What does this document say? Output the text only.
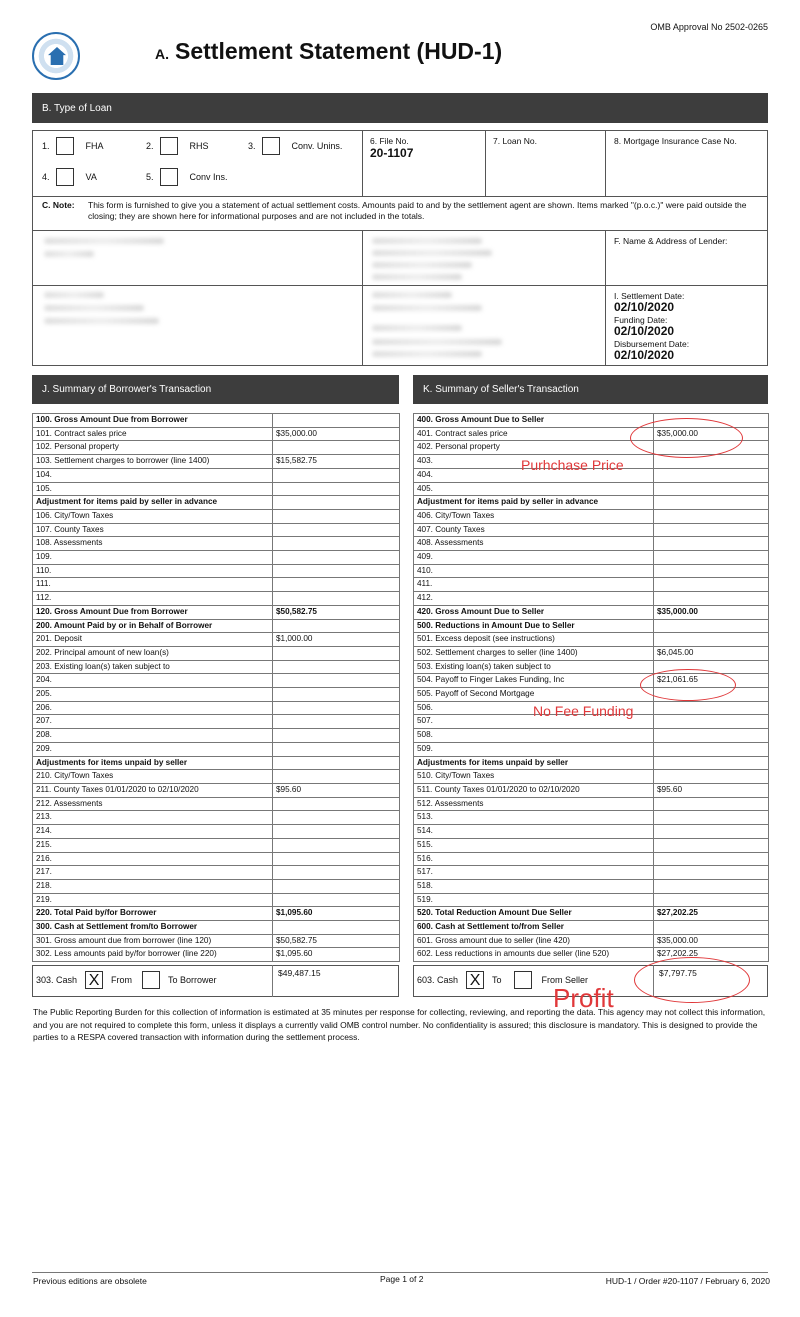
OMB Approval No 2502-0265
A. Settlement Statement (HUD-1)
B. Type of Loan
1.	FHA	2.	RHS	3.	Conv. Unins.
4.	VA	5.	Conv Ins.
6. File No.
20-1107
7. Loan No.	8. Mortgage Insurance Case No.
C. Note: This form is furnished to give you a statement of actual settlement costs. Amounts paid to and by the settlement agent are shown. Items marked "(p.o.c.)" were paid outside the closing; they are shown here for informational purposes and are not included in the totals.
F. Name & Address of Lender:
I. Settlement Date:
02/10/2020
Funding Date:
02/10/2020
Disbursement Date:
02/10/2020
J. Summary of Borrower's Transaction	K. Summary of Seller's Transaction
100. Gross Amount Due from Borrower	
101. Contract sales price	$35,000.00
102. Personal property	
103. Settlement charges to borrower (line 1400)	$15,582.75
104.	
105.	
Adjustment for items paid by seller in advance	
106. City/Town Taxes	
107. County Taxes	
108. Assessments	
109.	
110.	
111.	
112.	
120. Gross Amount Due from Borrower	$50,582.75
200. Amount Paid by or in Behalf of Borrower	
201. Deposit	$1,000.00
202. Principal amount of new loan(s)	
203. Existing loan(s) taken subject to	
204.	
205.	
206.	
207.	
208.	
209.	
Adjustments for items unpaid by seller	
210. City/Town Taxes	
211. County Taxes 01/01/2020 to 02/10/2020	$95.60
212. Assessments	
213.	
214.	
215.	
216.	
217.	
218.	
219.	
220. Total Paid by/for Borrower	$1,095.60
300. Cash at Settlement from/to Borrower	
301. Gross amount due from borrower (line 120)	$50,582.75
302. Less amounts paid by/for borrower (line 220)	$1,095.60
400. Gross Amount Due to Seller	
401. Contract sales price	$35,000.00
402. Personal property	
403.	
404.	
405.	
Adjustment for items paid by seller in advance	
406. City/Town Taxes	
407. County Taxes	
408. Assessments	
409.	
410.	
411.	
412.	
420. Gross Amount Due to Seller	$35,000.00
500. Reductions in Amount Due to Seller	
501. Excess deposit (see instructions)	
502. Settlement charges to seller (line 1400)	$6,045.00
503. Existing loan(s) taken subject to	
504. Payoff to Finger Lakes Funding, Inc	$21,061.65
505. Payoff of Second Mortgage	
506.	
507.	
508.	
509.	
Adjustments for items unpaid by seller	
510. City/Town Taxes	
511. County Taxes 01/01/2020 to 02/10/2020	$95.60
512. Assessments	
513.	
514.	
515.	
516.	
517.	
518.	
519.	
520. Total Reduction Amount Due Seller	$27,202.25
600. Cash at Settlement to/from Seller	
601. Gross amount due to seller (line 420)	$35,000.00
602. Less reductions in amounts due seller (line 520)	$27,202.25
303. Cash X	From	To Borrower
$49,487.15
603. Cash X	To	From Seller
$7,797.75
Purhchase Price
No Fee Funding
Profit
The Public Reporting Burden for this collection of information is estimated at 35 minutes per response for collecting, reviewing, and reporting the data. This agency may not collect this information, and you are not required to complete this form, unless it displays a currently valid OMB control number. No confidentiality is assured; this disclosure is mandatory. This is designed to provide the parties to a RESPA covered transaction with information during the settlement process.
Previous editions are obsolete	Page 1 of 2	HUD-1 / Order #20-1107 / February 6, 2020
